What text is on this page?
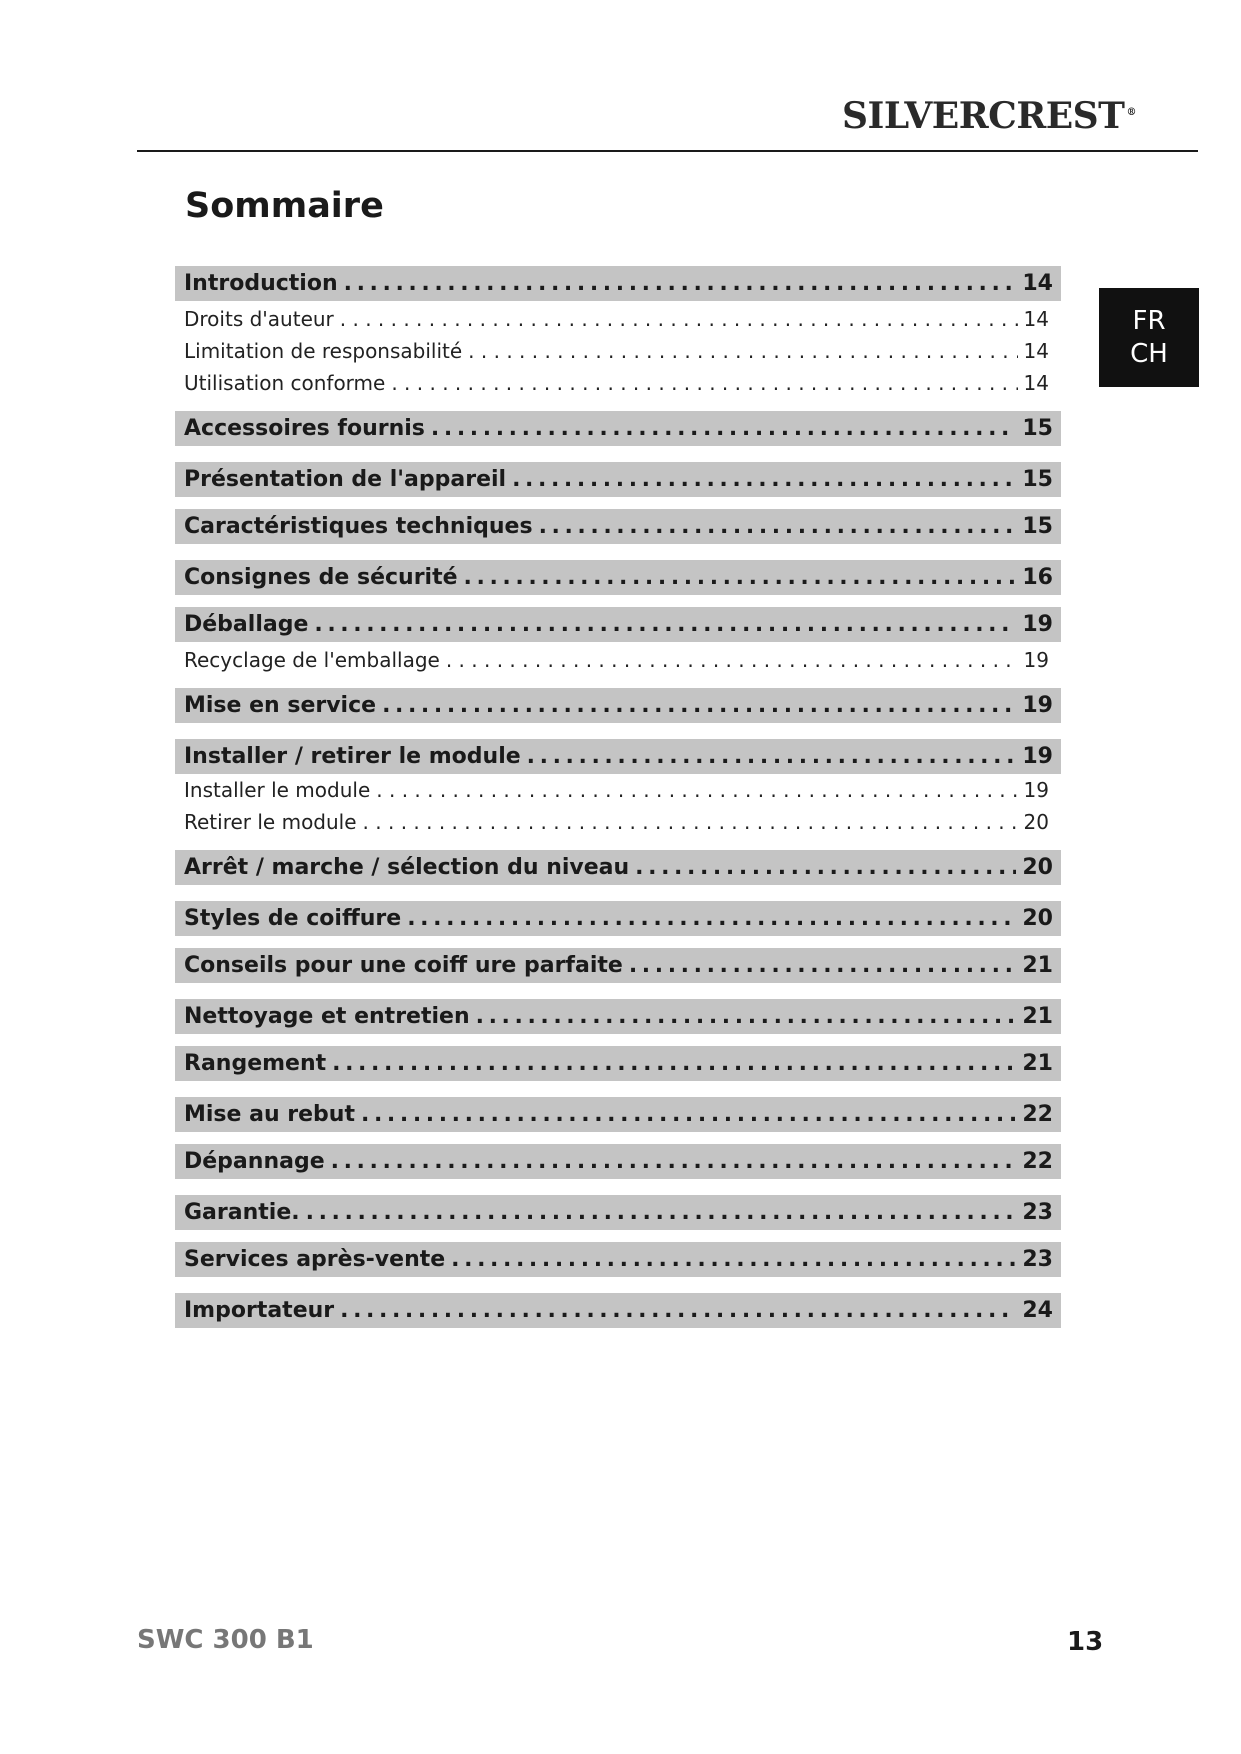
SILVERCREST ®
Sommaire
FR
CH
Introduction .....	14
Droits d'auteur . . .	14
Limitation de responsabilité . . .	14
Utilisation conforme . . .	14
Accessoires fournis .....	15
Présentation de l'appareil .....	15
Caractéristiques techniques .....	15
Consignes de sécurité .....	16
Déballage .....	19
Recyclage de l'emballage . . .	19
Mise en service .....	19
Installer / retirer le module .....	19
Installer le module . . .	19
Retirer le module . . .	20
Arrêt / marche / sélection du niveau .....	20
Styles de coiffure .....	20
Conseils pour une coiff ure parfaite .....	21
Nettoyage et entretien .....	21
Rangement .....	21
Mise au rebut .....	22
Dépannage .....	22
Garantie. .....	23
Services après-vente .....	23
Importateur .....	24
SWC 300 B1	13
